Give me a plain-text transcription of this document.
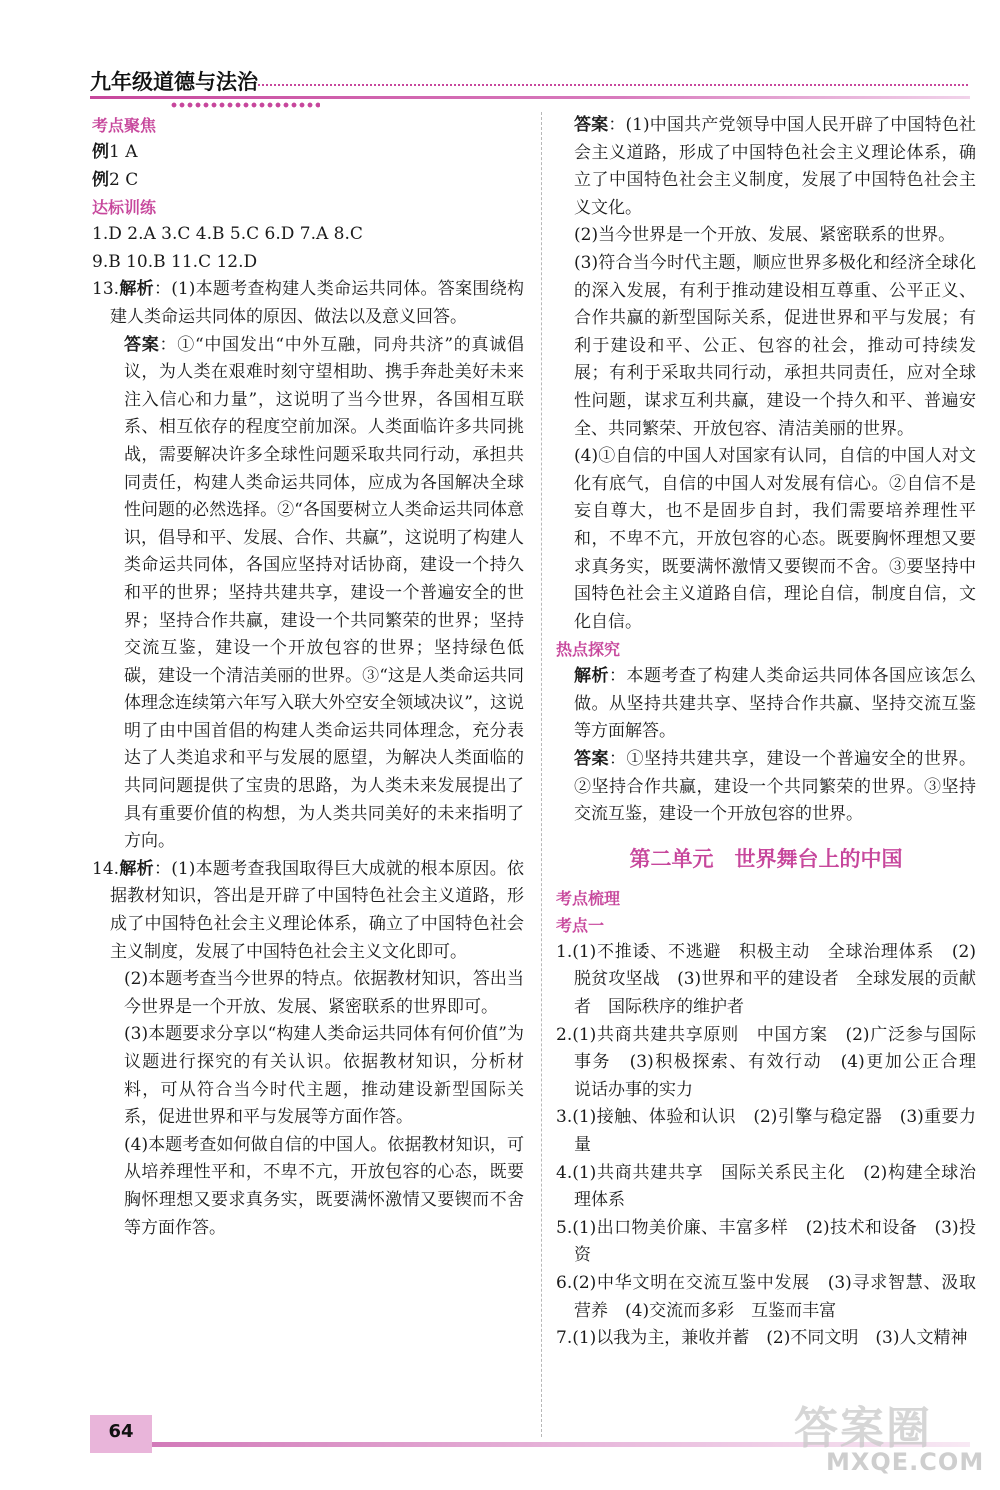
九年级道德与法治
考点聚焦
例1 A
例2 C
达标训练
1.D 2.A 3.C 4.B 5.C 6.D 7.A 8.C
9.B 10.B 11.C 12.D

13.解析：(1)本题考查构建人类命运共同体。答案围绕构建人类命运共同体的原因、做法以及意义回答。

答案：①“中国发出“中外互融，同舟共济”的真诚倡议，为人类在艰难时刻守望相助、携手奔赴美好未来注入信心和力量”，这说明了当今世界，各国相互联系、相互依存的程度空前加深。人类面临许多共同挑战，需要解决许多全球性问题采取共同行动，承担共同责任，构建人类命运共同体，应成为各国解决全球性问题的必然选择。②“各国要树立人类命运共同体意识，倡导和平、发展、合作、共赢”，这说明了构建人类命运共同体，各国应坚持对话协商，建设一个持久和平的世界；坚持共建共享，建设一个普遍安全的世界；坚持合作共赢，建设一个共同繁荣的世界；坚持交流互鉴，建设一个开放包容的世界；坚持绿色低碳，建设一个清洁美丽的世界。③“这是人类命运共同体理念连续第六年写入联大外空安全领域决议”，这说明了由中国首倡的构建人类命运共同体理念，充分表达了人类追求和平与发展的愿望，为解决人类面临的共同问题提供了宝贵的思路，为人类未来发展提出了具有重要价值的构想，为人类共同美好的未来指明了方向。

14.解析：(1)本题考查我国取得巨大成就的根本原因。依据教材知识，答出是开辟了中国特色社会主义道路，形成了中国特色社会主义理论体系，确立了中国特色社会主义制度，发展了中国特色社会主义文化即可。

(2)本题考查当今世界的特点。依据教材知识，答出当今世界是一个开放、发展、紧密联系的世界即可。

(3)本题要求分享以“构建人类命运共同体有何价值”为议题进行探究的有关认识。依据教材知识，分析材料，可从符合当今时代主题，推动建设新型国际关系，促进世界和平与发展等方面作答。

(4)本题考查如何做自信的中国人。依据教材知识，可从培养理性平和，不卑不亢，开放包容的心态，既要胸怀理想又要求真务实，既要满怀激情又要锲而不舍等方面作答。

答案：(1)中国共产党领导中国人民开辟了中国特色社会主义道路，形成了中国特色社会主义理论体系，确立了中国特色社会主义制度，发展了中国特色社会主义文化。

(2)当今世界是一个开放、发展、紧密联系的世界。

(3)符合当今时代主题，顺应世界多极化和经济全球化的深入发展，有利于推动建设相互尊重、公平正义、合作共赢的新型国际关系，促进世界和平与发展；有利于建设和平、公正、包容的社会，推动可持续发展；有利于采取共同行动，承担共同责任，应对全球性问题，谋求互利共赢，建设一个持久和平、普遍安全、共同繁荣、开放包容、清洁美丽的世界。

(4)①自信的中国人对国家有认同，自信的中国人对文化有底气，自信的中国人对发展有信心。②自信不是妄自尊大，也不是固步自封，我们需要培养理性平和，不卑不亢，开放包容的心态。既要胸怀理想又要求真务实，既要满怀激情又要锲而不舍。③要坚持中国特色社会主义道路自信，理论自信，制度自信，文化自信。

热点探究

解析：本题考查了构建人类命运共同体各国应该怎么做。从坚持共建共享、坚持合作共赢、坚持交流互鉴等方面解答。

答案：①坚持共建共享，建设一个普遍安全的世界。②坚持合作共赢，建设一个共同繁荣的世界。③坚持交流互鉴，建设一个开放包容的世界。

第二单元　世界舞台上的中国
考点梳理
考点一

1.(1)不推诿、不逃避　积极主动　全球治理体系　(2)脱贫攻坚战　(3)世界和平的建设者　全球发展的贡献者　国际秩序的维护者

2.(1)共商共建共享原则　中国方案　(2)广泛参与国际事务　(3)积极探索、有效行动　(4)更加公正合理　说话办事的实力

3.(1)接触、体验和认识　(2)引擎与稳定器　(3)重要力量

4.(1)共商共建共享　国际关系民主化　(2)构建全球治理体系

5.(1)出口物美价廉、丰富多样　(2)技术和设备　(3)投资

6.(2)中华文明在交流互鉴中发展　(3)寻求智慧、汲取营养　(4)交流而多彩　互鉴而丰富

7.(1)以我为主，兼收并蓄　(2)不同文明　(3)人文精神

64	答案圈
MXQE.COM
